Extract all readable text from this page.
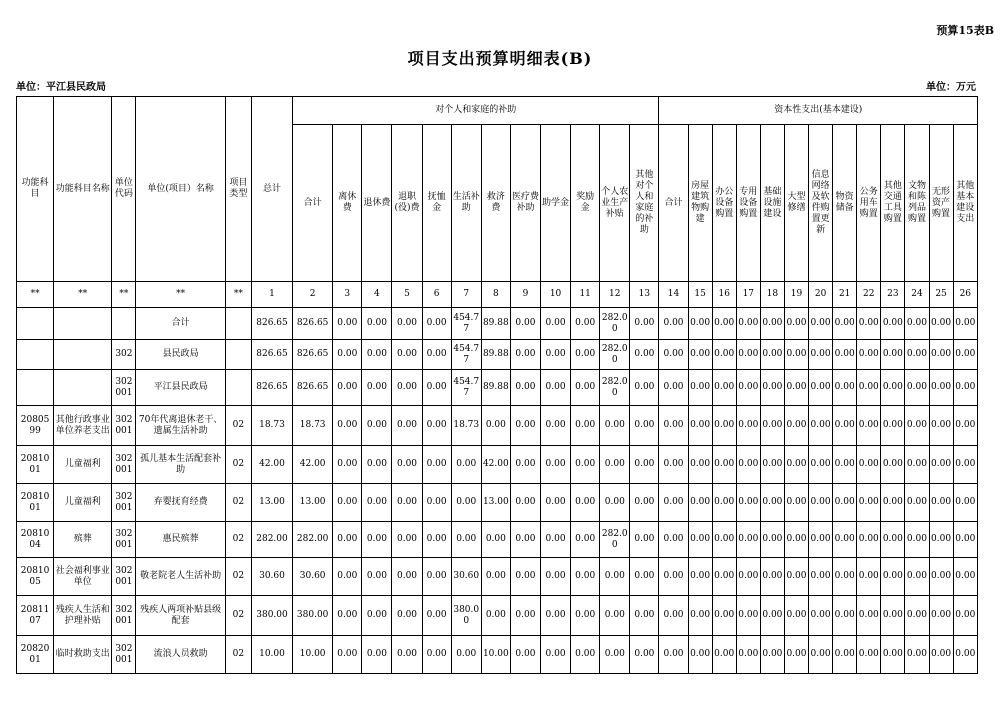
预算15表B
项目支出预算明细表(B)
单位：平江县民政局	单位：万元
功能科目	功能科目名称	单位代码	单位(项目）名称	项目类型	总计	对个人和家庭的补助												资本性支出(基本建设)												
						合计	离休费	退休费	退职(役)费	抚恤金	生活补助	救济费	医疗费补助	助学金	奖励金	个人农业生产补贴	其他对个人和家庭的补助	合计	房屋建筑物购建	办公设备购置	专用设备购置	基础设施建设	大型修缮	信息网络及软件购置更新	物资储备	公务用车购置	其他交通工具购置	文物和陈列品购置	无形资产购置	其他基本建设支出
**	**	**	**	**	1	2	3	4	5	6	7	8	9	10	11	12	13	14	15	16	17	18	19	20	21	22	23	24	25	26
			合计		826.65	826.65	0.00	0.00	0.00	0.00	454.77	89.88	0.00	0.00	0.00	282.00	0.00	0.00	0.00	0.00	0.00	0.00	0.00	0.00	0.00	0.00	0.00	0.00	0.00	0.00
		302	县民政局		826.65	826.65	0.00	0.00	0.00	0.00	454.77	89.88	0.00	0.00	0.00	282.00	0.00	0.00	0.00	0.00	0.00	0.00	0.00	0.00	0.00	0.00	0.00	0.00	0.00	0.00
		302001	平江县民政局		826.65	826.65	0.00	0.00	0.00	0.00	454.77	89.88	0.00	0.00	0.00	282.00	0.00	0.00	0.00	0.00	0.00	0.00	0.00	0.00	0.00	0.00	0.00	0.00	0.00	0.00
2080599	其他行政事业单位养老支出	302001	70年代离退休老干、遗属生活补助	02	18.73	18.73	0.00	0.00	0.00	0.00	18.73	0.00	0.00	0.00	0.00	0.00	0.00	0.00	0.00	0.00	0.00	0.00	0.00	0.00	0.00	0.00	0.00	0.00	0.00	0.00
2081001	儿童福利	302001	孤儿基本生活配套补助	02	42.00	42.00	0.00	0.00	0.00	0.00	0.00	42.00	0.00	0.00	0.00	0.00	0.00	0.00	0.00	0.00	0.00	0.00	0.00	0.00	0.00	0.00	0.00	0.00	0.00	0.00
2081001	儿童福利	302001	弃婴抚育经费	02	13.00	13.00	0.00	0.00	0.00	0.00	0.00	13.00	0.00	0.00	0.00	0.00	0.00	0.00	0.00	0.00	0.00	0.00	0.00	0.00	0.00	0.00	0.00	0.00	0.00	0.00
2081004	殡葬	302001	惠民殡葬	02	282.00	282.00	0.00	0.00	0.00	0.00	0.00	0.00	0.00	0.00	0.00	282.00	0.00	0.00	0.00	0.00	0.00	0.00	0.00	0.00	0.00	0.00	0.00	0.00	0.00	0.00
2081005	社会福利事业单位	302001	敬老院老人生活补助	02	30.60	30.60	0.00	0.00	0.00	0.00	30.60	0.00	0.00	0.00	0.00	0.00	0.00	0.00	0.00	0.00	0.00	0.00	0.00	0.00	0.00	0.00	0.00	0.00	0.00	0.00
2081107	残疾人生活和护理补贴	302001	残疾人两项补贴县级配套	02	380.00	380.00	0.00	0.00	0.00	0.00	380.00	0.00	0.00	0.00	0.00	0.00	0.00	0.00	0.00	0.00	0.00	0.00	0.00	0.00	0.00	0.00	0.00	0.00	0.00	0.00
2082001	临时救助支出	302001	流浪人员救助	02	10.00	10.00	0.00	0.00	0.00	0.00	0.00	10.00	0.00	0.00	0.00	0.00	0.00	0.00	0.00	0.00	0.00	0.00	0.00	0.00	0.00	0.00	0.00	0.00	0.00	0.00
